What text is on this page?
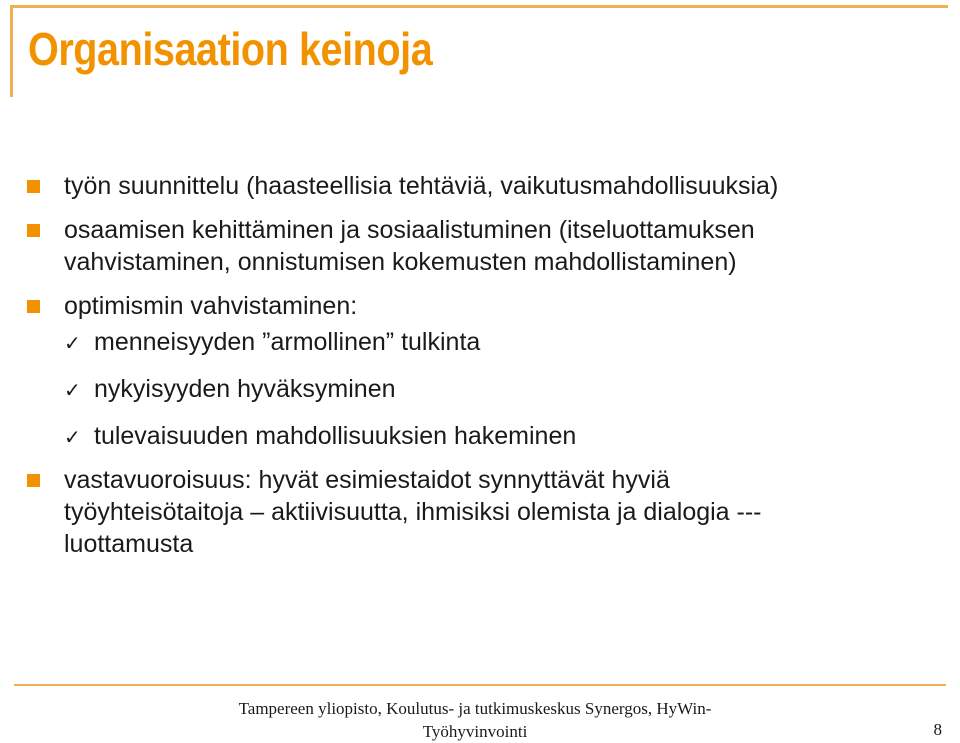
Organisaation keinoja
työn suunnittelu (haasteellisia tehtäviä, vaikutusmahdollisuuksia)
osaamisen kehittäminen ja sosiaalistuminen (itseluottamuksen
vahvistaminen, onnistumisen kokemusten mahdollistaminen)
optimismin vahvistaminen:
✓ menneisyyden ”armollinen” tulkinta
✓ nykyisyyden hyväksyminen
✓ tulevaisuuden mahdollisuuksien hakeminen
vastavuoroisuus: hyvät esimiestaidot synnyttävät hyviä
työyhteisötaitoja – aktiivisuutta, ihmisiksi olemista ja dialogia ---
luottamusta
Tampereen yliopisto, Koulutus- ja tutkimuskeskus Synergos, HyWin-
Työhyvinvointi	8
